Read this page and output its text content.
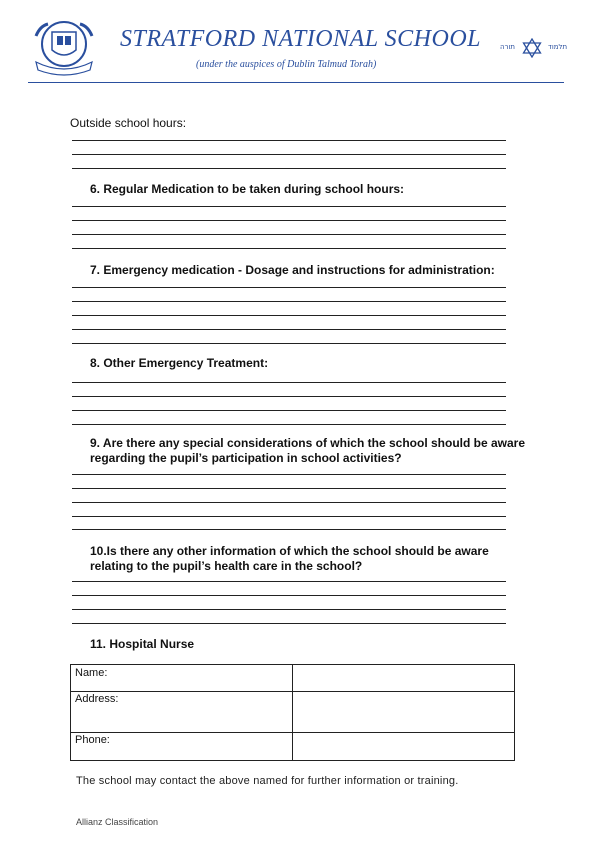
STRATFORD NATIONAL SCHOOL
(under the auspices of Dublin Talmud Torah)
תורה	תלמוד
Outside school hours:
6. Regular Medication to be taken during school hours:
7. Emergency medication - Dosage and instructions for administration:
8. Other Emergency Treatment:
9. Are there any special considerations of which the school should be aware regarding the pupil’s participation in school activities?
10.Is there any other information of which the school should be aware relating to the pupil’s health care in the school?
11. Hospital Nurse
Name:
Address:
Phone:
The school may contact the above named for further information or training.
Allianz Classification
